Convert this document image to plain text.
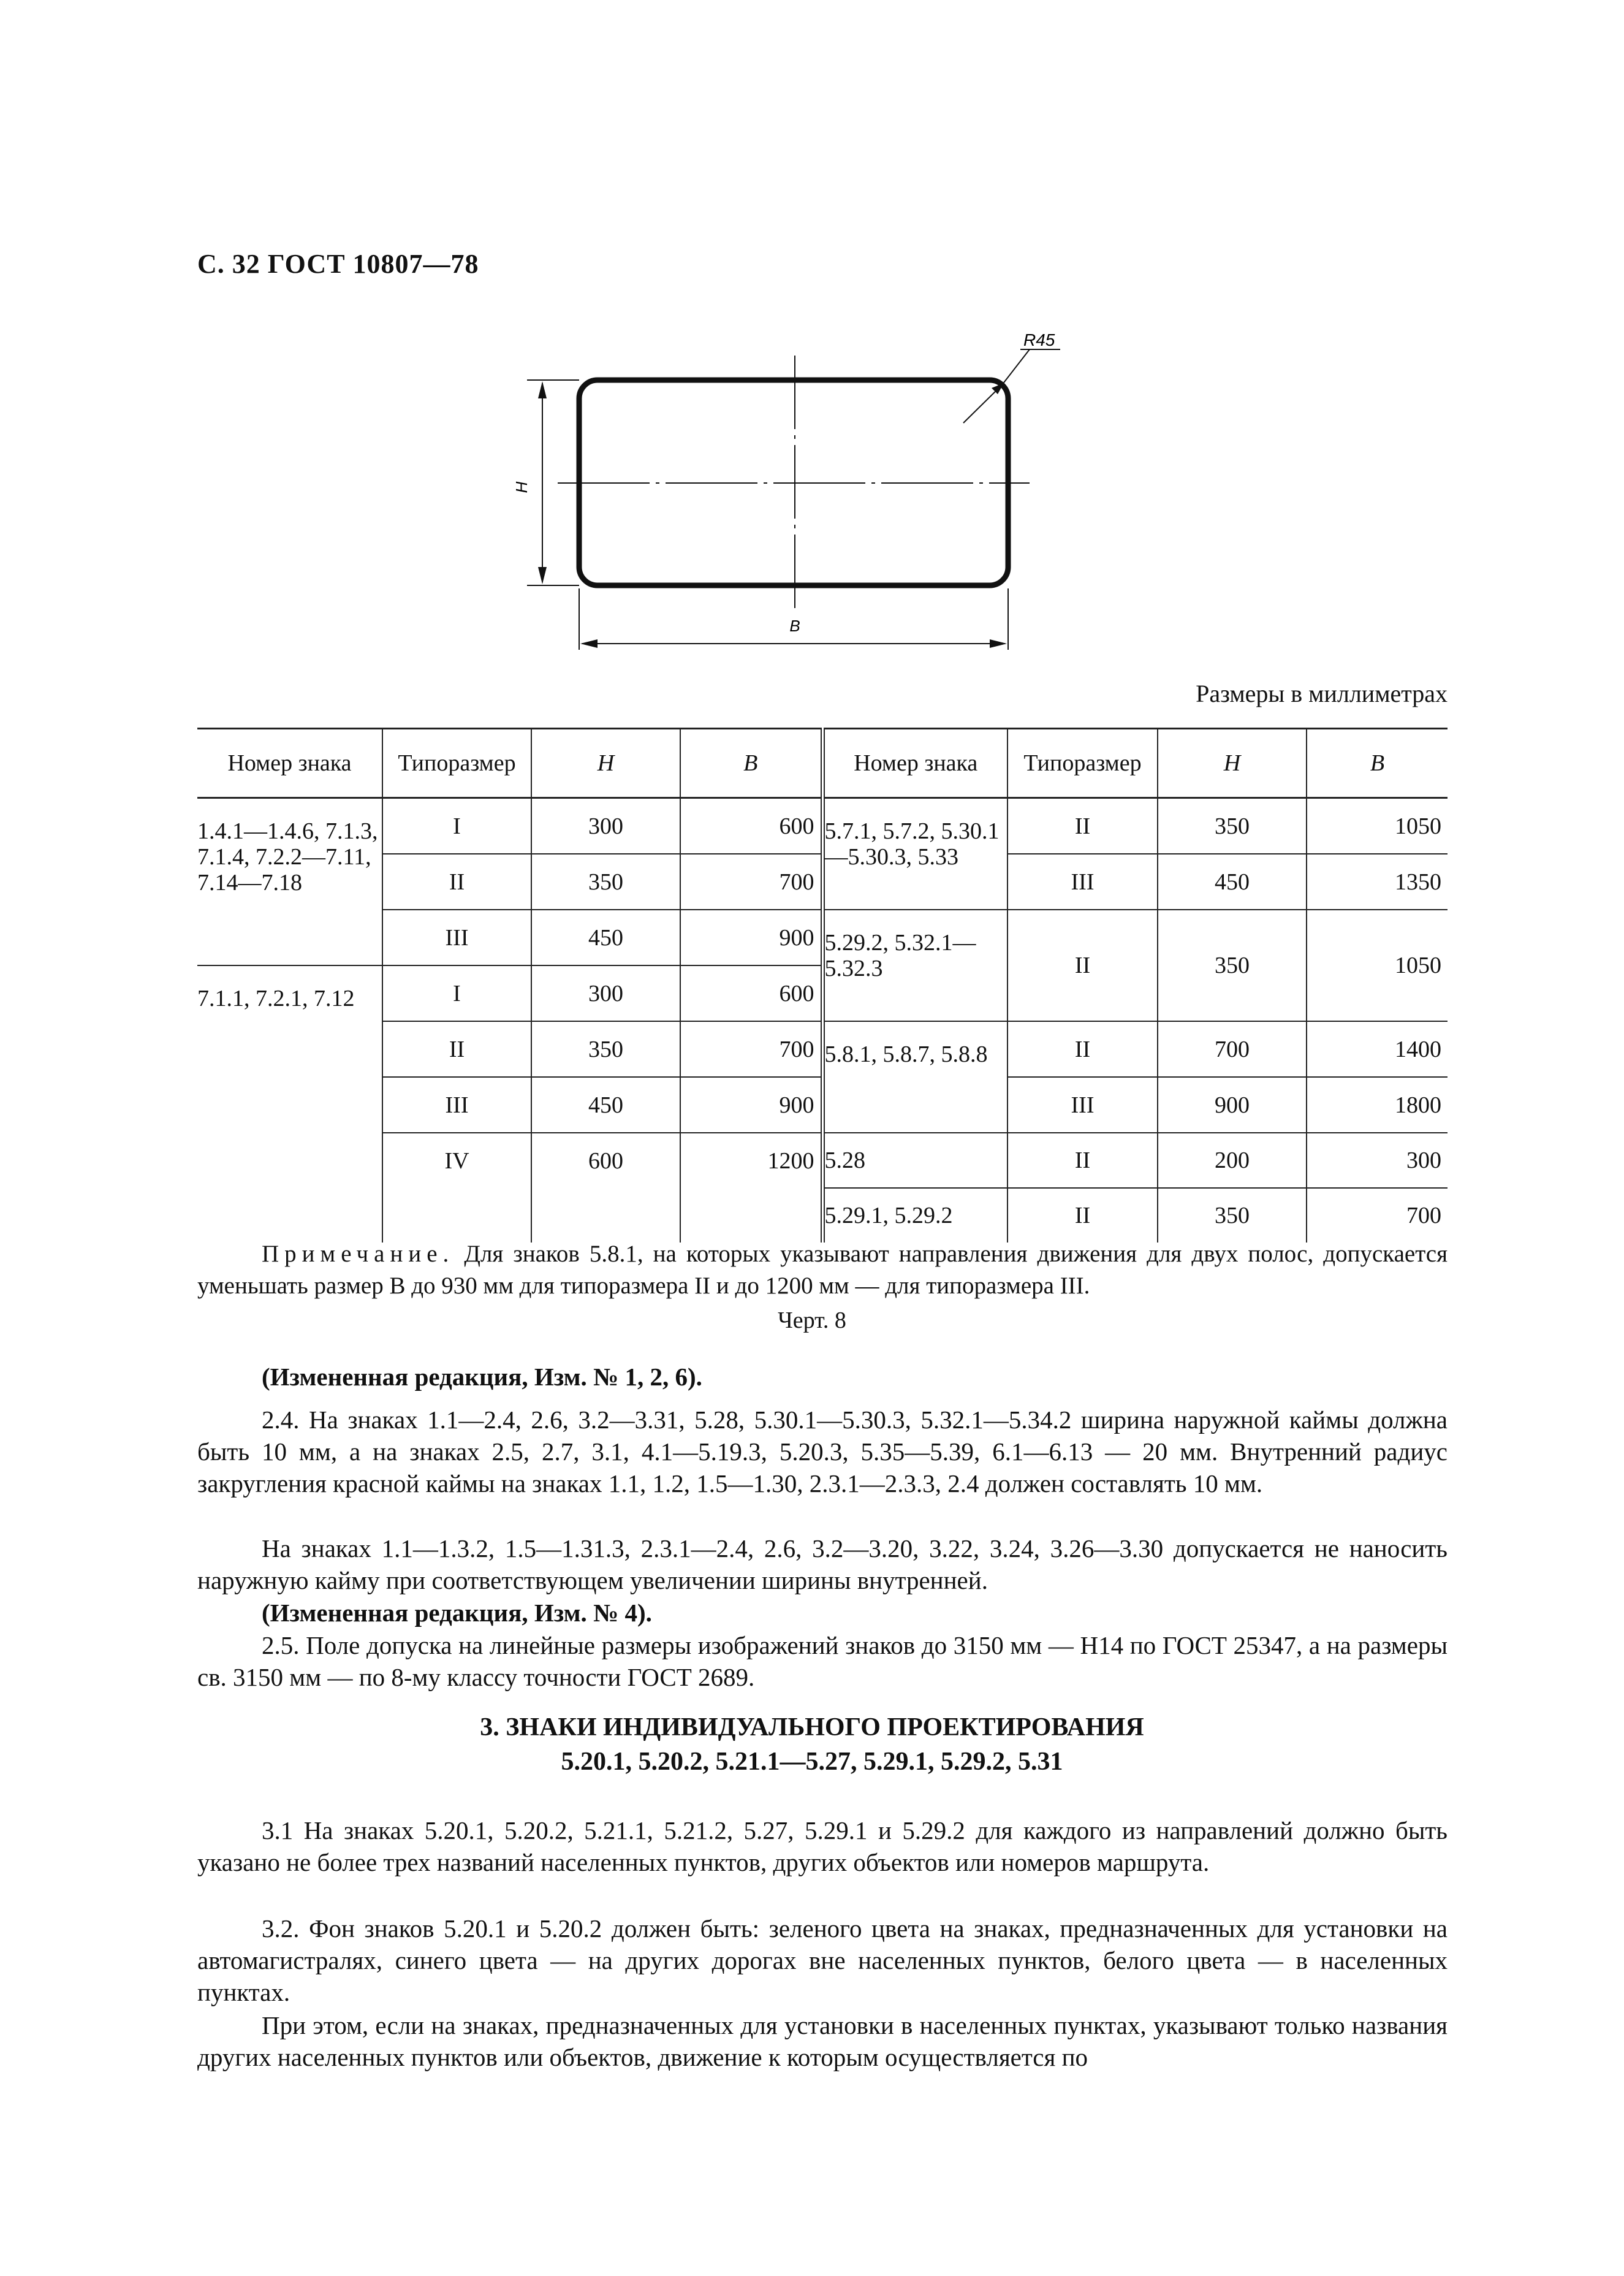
С. 32 ГОСТ 10807—78
H
B
R45
Размеры в миллиметрах
Номер знака	Типоразмер	H	B	Номер знака	Типоразмер	H	B
1.4.1—1.4.6, 7.1.3, 7.1.4, 7.2.2—7.11, 7.14—7.18	I	300	600	5.7.1, 5.7.2, 5.30.1—5.30.3, 5.33	II	350	1050
	II	350	700		III	450	1350
	III	450	900	5.29.2, 5.32.1—5.32.3	II	350	1050
7.1.1, 7.2.1, 7.12	I	300	600				
	II	350	700	5.8.1, 5.8.7, 5.8.8	II	700	1400
	III	450	900		III	900	1800
	IV	600	1200	5.28	II	200	300
				5.29.1, 5.29.2	II	350	700
Примечание. Для знаков 5.8.1, на которых указывают направления движения для двух полос, допускается уменьшать размер B до 930 мм для типоразмера II и до 1200 мм — для типоразмера III.
Черт. 8
(Измененная редакция, Изм. № 1, 2, 6).
2.4. На знаках 1.1—2.4, 2.6, 3.2—3.31, 5.28, 5.30.1—5.30.3, 5.32.1—5.34.2 ширина наружной каймы должна быть 10 мм, а на знаках 2.5, 2.7, 3.1, 4.1—5.19.3, 5.20.3, 5.35—5.39, 6.1—6.13 — 20 мм. Внутренний радиус закругления красной каймы на знаках 1.1, 1.2, 1.5—1.30, 2.3.1—2.3.3, 2.4 должен составлять 10 мм.
На знаках 1.1—1.3.2, 1.5—1.31.3, 2.3.1—2.4, 2.6, 3.2—3.20, 3.22, 3.24, 3.26—3.30 допускается не наносить наружную кайму при соответствующем увеличении ширины внутренней.
(Измененная редакция, Изм. № 4).
2.5. Поле допуска на линейные размеры изображений знаков до 3150 мм — H14 по ГОСТ 25347, а на размеры св. 3150 мм — по 8-му классу точности ГОСТ 2689.
3. ЗНАКИ ИНДИВИДУАЛЬНОГО ПРОЕКТИРОВАНИЯ
5.20.1, 5.20.2, 5.21.1—5.27, 5.29.1, 5.29.2, 5.31
3.1 На знаках 5.20.1, 5.20.2, 5.21.1, 5.21.2, 5.27, 5.29.1 и 5.29.2 для каждого из направлений должно быть указано не более трех названий населенных пунктов, других объектов или номеров маршрута.
3.2. Фон знаков 5.20.1 и 5.20.2 должен быть: зеленого цвета на знаках, предназначенных для установки на автомагистралях, синего цвета — на других дорогах вне населенных пунктов, белого цвета — в населенных пунктах.
При этом, если на знаках, предназначенных для установки в населенных пунктах, указывают только названия других населенных пунктов или объектов, движение к которым осуществляется по
